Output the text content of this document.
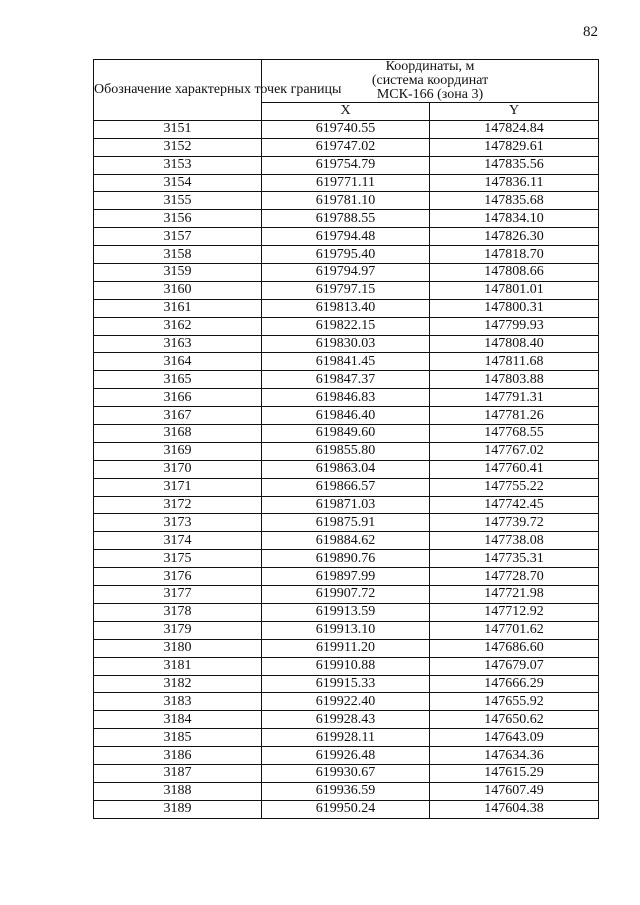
82
Обозначение характерных точек границы	Координаты, м
(система координат
МСК-166 (зона 3)	

	X	Y
3151	619740.55	147824.84
3152	619747.02	147829.61
3153	619754.79	147835.56
3154	619771.11	147836.11
3155	619781.10	147835.68
3156	619788.55	147834.10
3157	619794.48	147826.30
3158	619795.40	147818.70
3159	619794.97	147808.66
3160	619797.15	147801.01
3161	619813.40	147800.31
3162	619822.15	147799.93
3163	619830.03	147808.40
3164	619841.45	147811.68
3165	619847.37	147803.88
3166	619846.83	147791.31
3167	619846.40	147781.26
3168	619849.60	147768.55
3169	619855.80	147767.02
3170	619863.04	147760.41
3171	619866.57	147755.22
3172	619871.03	147742.45
3173	619875.91	147739.72
3174	619884.62	147738.08
3175	619890.76	147735.31
3176	619897.99	147728.70
3177	619907.72	147721.98
3178	619913.59	147712.92
3179	619913.10	147701.62
3180	619911.20	147686.60
3181	619910.88	147679.07
3182	619915.33	147666.29
3183	619922.40	147655.92
3184	619928.43	147650.62
3185	619928.11	147643.09
3186	619926.48	147634.36
3187	619930.67	147615.29
3188	619936.59	147607.49
3189	619950.24	147604.38
